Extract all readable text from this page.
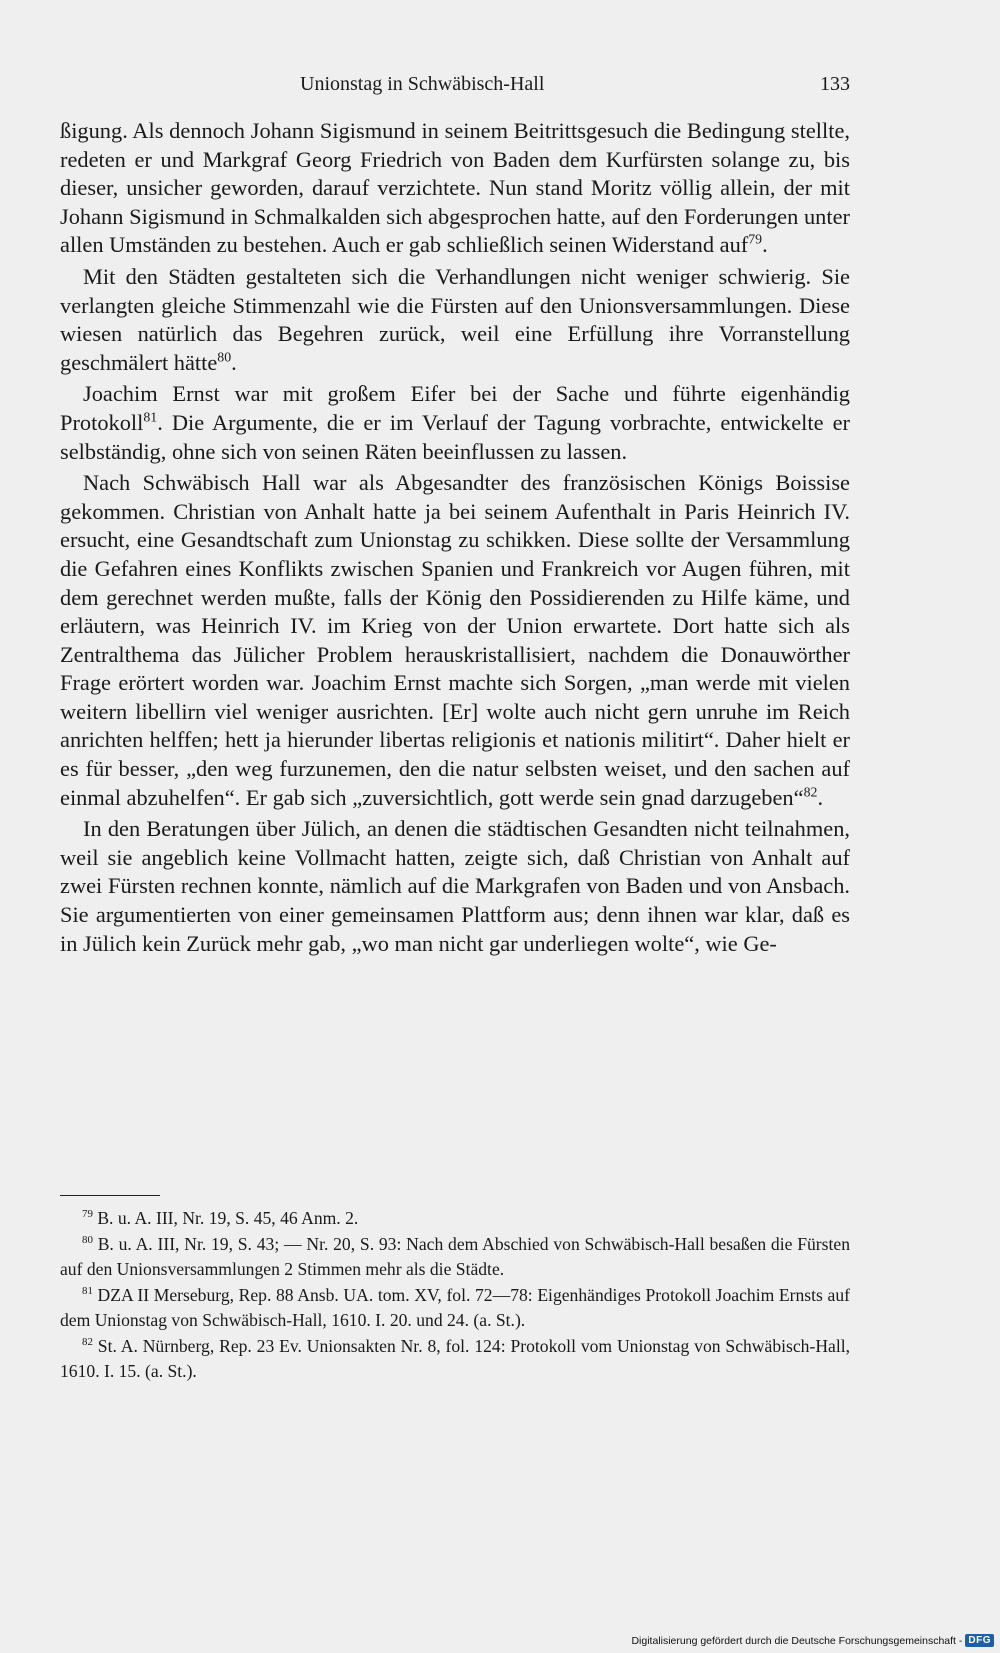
Unionstag in Schwäbisch-Hall	133

ßigung. Als dennoch Johann Sigismund in seinem Beitrittsgesuch die Bedingung stellte, redeten er und Markgraf Georg Friedrich von Baden dem Kurfürsten solange zu, bis dieser, unsicher geworden, darauf verzichtete. Nun stand Moritz völlig allein, der mit Johann Sigismund in Schmalkalden sich abgesprochen hatte, auf den Forderungen unter allen Umständen zu bestehen. Auch er gab schließlich seinen Widerstand auf$^{79}$.

Mit den Städten gestalteten sich die Verhandlungen nicht weniger schwierig. Sie verlangten gleiche Stimmenzahl wie die Fürsten auf den Unionsversammlungen. Diese wiesen natürlich das Begehren zurück, weil eine Erfüllung ihre Vorranstellung geschmälert hätte$^{80}$.

Joachim Ernst war mit großem Eifer bei der Sache und führte eigenhändig Protokoll$^{81}$. Die Argumente, die er im Verlauf der Tagung vorbrachte, entwickelte er selbständig, ohne sich von seinen Räten beeinflussen zu lassen.

Nach Schwäbisch Hall war als Abgesandter des französischen Königs Boissise gekommen. Christian von Anhalt hatte ja bei seinem Aufenthalt in Paris Heinrich IV. ersucht, eine Gesandtschaft zum Unionstag zu schikken. Diese sollte der Versammlung die Gefahren eines Konflikts zwischen Spanien und Frankreich vor Augen führen, mit dem gerechnet werden mußte, falls der König den Possidierenden zu Hilfe käme, und erläutern, was Heinrich IV. im Krieg von der Union erwartete. Dort hatte sich als Zentralthema das Jülicher Problem herauskristallisiert, nachdem die Donauwörther Frage erörtert worden war. Joachim Ernst machte sich Sorgen, „man werde mit vielen weitern libellirn viel weniger ausrichten. [Er] wolte auch nicht gern unruhe im Reich anrichten helffen; hett ja hierunder libertas religionis et nationis militirt“. Daher hielt er es für besser, „den weg furzunemen, den die natur selbsten weiset, und den sachen auf einmal abzuhelfen“. Er gab sich „zuversichtlich, gott werde sein gnad darzugeben“$^{82}$.

In den Beratungen über Jülich, an denen die städtischen Gesandten nicht teilnahmen, weil sie angeblich keine Vollmacht hatten, zeigte sich, daß Christian von Anhalt auf zwei Fürsten rechnen konnte, nämlich auf die Markgrafen von Baden und von Ansbach. Sie argumentierten von einer gemeinsamen Plattform aus; denn ihnen war klar, daß es in Jülich kein Zurück mehr gab, „wo man nicht gar underliegen wolte“, wie Ge-

$^{79}$ B. u. A. III, Nr. 19, S. 45, 46 Anm. 2.

$^{80}$ B. u. A. III, Nr. 19, S. 43; — Nr. 20, S. 93: Nach dem Abschied von Schwäbisch-Hall besaßen die Fürsten auf den Unionsversammlungen 2 Stimmen mehr als die Städte.

$^{81}$ DZA II Merseburg, Rep. 88 Ansb. UA. tom. XV, fol. 72—78: Eigenhändiges Protokoll Joachim Ernsts auf dem Unionstag von Schwäbisch-Hall, 1610. I. 20. und 24. (a. St.).

$^{82}$ St. A. Nürnberg, Rep. 23 Ev. Unionsakten Nr. 8, fol. 124: Protokoll vom Unionstag von Schwäbisch-Hall, 1610. I. 15. (a. St.).

Digitalisierung gefördert durch die Deutsche Forschungsgemeinschaft - DFG
